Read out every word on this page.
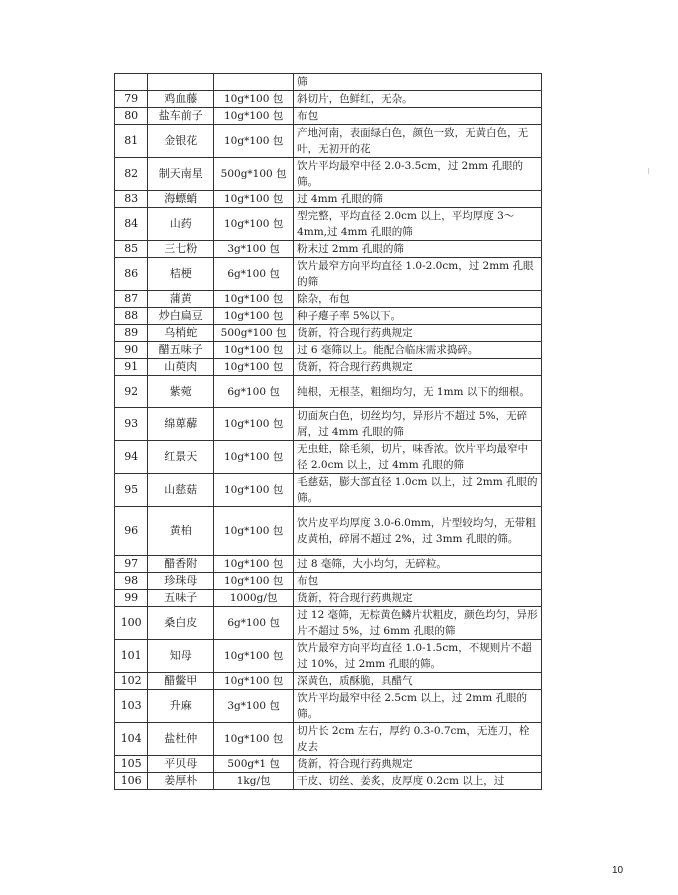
			筛
79	鸡血藤	10g*100 包	斜切片，色鲜红，无杂。
80	盐车前子	10g*100 包	布包
81	金银花	10g*100 包	产地河南，表面绿白色，颜色一致，无黄白色，无叶，无初开的花
82	制天南星	500g*100 包	饮片平均最窄中径 2.0-3.5cm，过 2mm 孔眼的筛。
83	海螵蛸	10g*100 包	过 4mm 孔眼的筛
84	山药	10g*100 包	型完整，平均直径 2.0cm 以上，平均厚度 3～4mm,过 4mm 孔眼的筛
85	三七粉	3g*100 包	粉末过 2mm 孔眼的筛
86	桔梗	6g*100 包	饮片最窄方向平均直径 1.0-2.0cm，过 2mm 孔眼的筛
87	蒲黄	10g*100 包	除杂，布包
88	炒白扁豆	10g*100 包	种子瘪子率 5%以下。
89	乌梢蛇	500g*100 包	货新，符合现行药典规定
90	醋五味子	10g*100 包	过 6 毫筛以上。能配合临床需求捣碎。
91	山萸肉	10g*100 包	货新，符合现行药典规定
92	紫菀	6g*100 包	纯根，无根茎，粗细均匀，无 1mm 以下的细根。
93	绵萆薢	10g*100 包	切面灰白色，切丝均匀，异形片不超过 5%，无碎屑，过 4mm 孔眼的筛
94	红景天	10g*100 包	无虫蛀，除毛须，切片，味香浓。饮片平均最窄中径 2.0cm 以上，过 4mm 孔眼的筛
95	山慈菇	10g*100 包	毛慈菇，膨大部直径 1.0cm 以上，过 2mm 孔眼的筛。
96	黄柏	10g*100 包	饮片皮平均厚度 3.0-6.0mm，片型较均匀，无带粗皮黄柏，碎屑不超过 2%，过 3mm 孔眼的筛。
97	醋香附	10g*100 包	过 8 毫筛，大小均匀，无碎粒。
98	珍珠母	10g*100 包	布包
99	五味子	1000g/包	货新，符合现行药典规定
100	桑白皮	6g*100 包	过 12 毫筛，无棕黄色鳞片状粗皮，颜色均匀，异形片不超过 5%，过 6mm 孔眼的筛
101	知母	10g*100 包	饮片最窄方向平均直径 1.0-1.5cm，不规则片不超过 10%，过 2mm 孔眼的筛。
102	醋鳖甲	10g*100 包	深黄色，质酥脆，具醋气
103	升麻	3g*100 包	饮片平均最窄中径 2.5cm 以上，过 2mm 孔眼的筛。
104	盐杜仲	10g*100 包	切片长 2cm 左右，厚约 0.3-0.7cm，无连刀，栓皮去
105	平贝母	500g*1 包	货新，符合现行药典规定
106	姜厚朴	1kg/包	干皮、切丝、姜炙，皮厚度 0.2cm 以上，过
10
